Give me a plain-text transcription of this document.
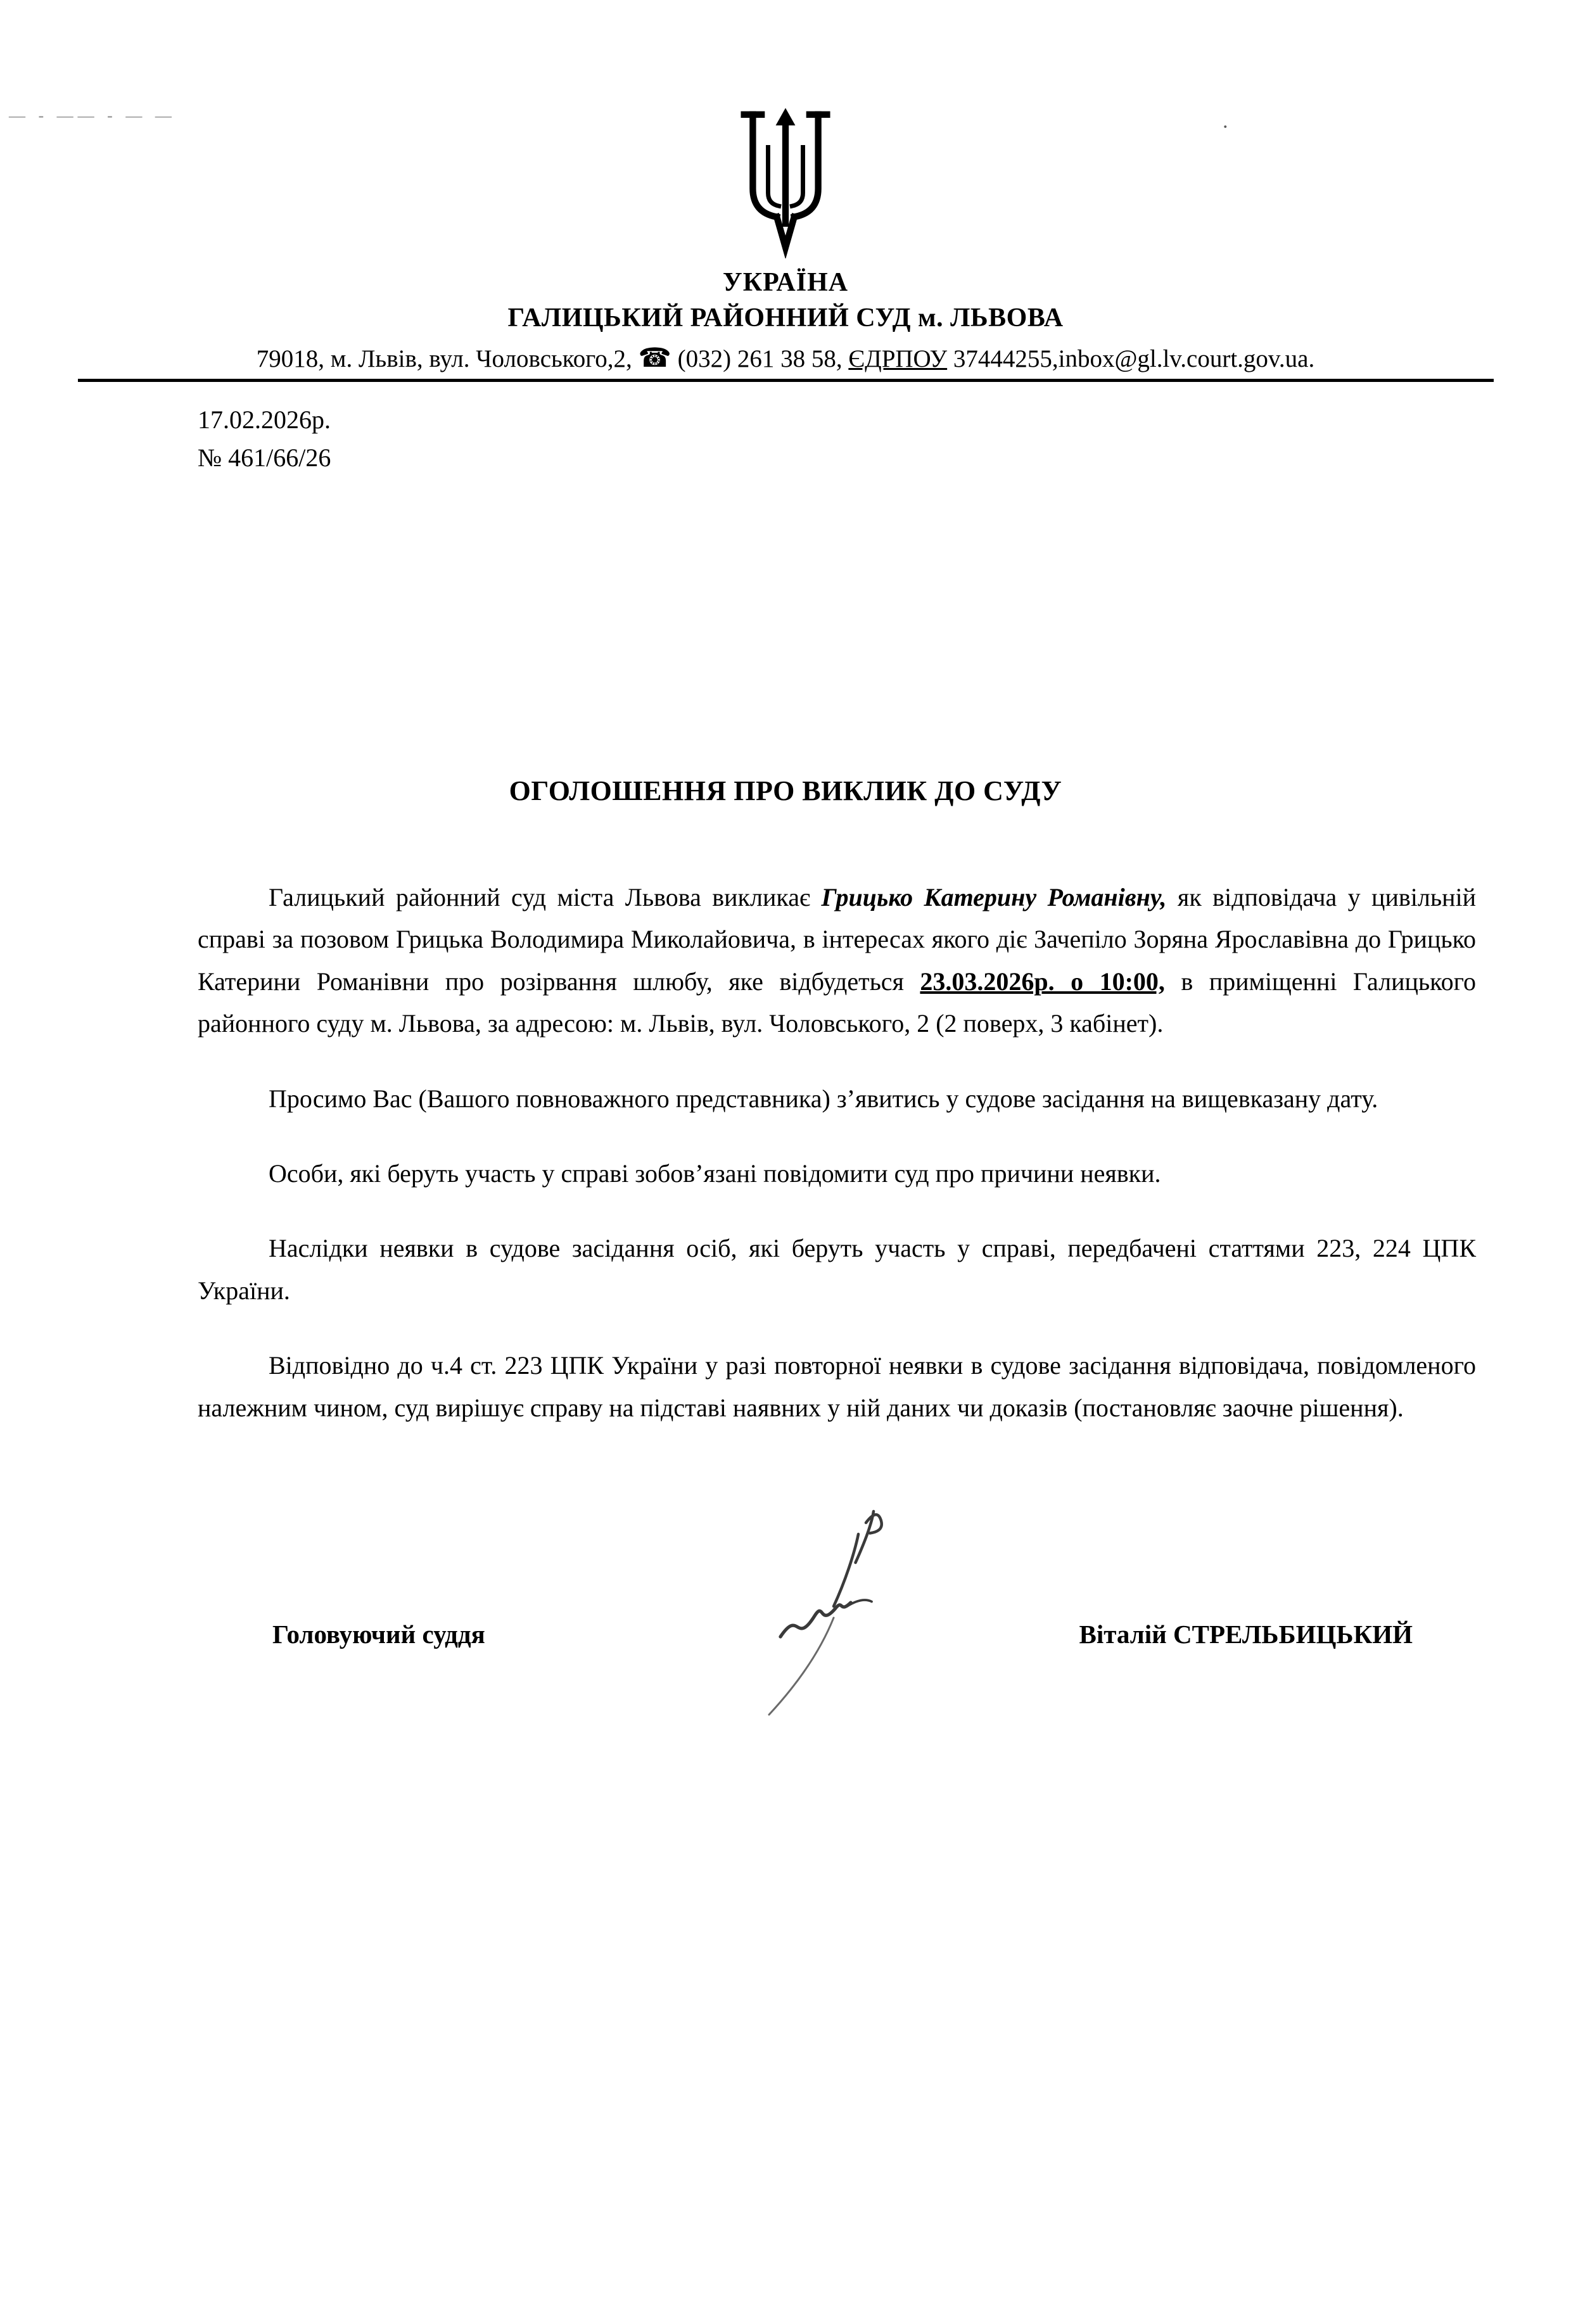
— - —— - — —	·
УКРАЇНА
ГАЛИЦЬКИЙ РАЙОННИЙ СУД м. ЛЬВОВА
79018, м. Львів, вул. Чоловського,2, ☎ (032) 261 38 58, ЄДРПОУ 37444255,inbox@gl.lv.court.gov.ua.
17.02.2026р.
№ 461/66/26
ОГОЛОШЕННЯ ПРО ВИКЛИК ДО СУДУ

Галицький районний суд міста Львова викликає Грицько Катерину Романівну, як відповідача у цивільній справі за позовом Грицька Володимира Миколайовича, в інтересах якого діє Зачепіло Зоряна Ярославівна до Грицько Катерини Романівни про розірвання шлюбу, яке відбудеться 23.03.2026р. о 10:00, в приміщенні Галицького районного суду м. Львова, за адресою: м. Львів, вул. Чоловського, 2 (2 поверх, 3 кабінет).

Просимо Вас (Вашого повноважного представника) з’явитись у судове засідання на вищевказану дату.

Особи, які беруть участь у справі зобов’язані повідомити суд про причини неявки.

Наслідки неявки в судове засідання осіб, які беруть участь у справі, передбачені статтями 223, 224 ЦПК України.

Відповідно до ч.4 ст. 223 ЦПК України у разі повторної неявки в судове засідання відповідача, повідомленого належним чином, суд вирішує справу на підставі наявних у ній даних чи доказів (постановляє заочне рішення).

Головуючий суддя	Віталій СТРЕЛЬБИЦЬКИЙ
